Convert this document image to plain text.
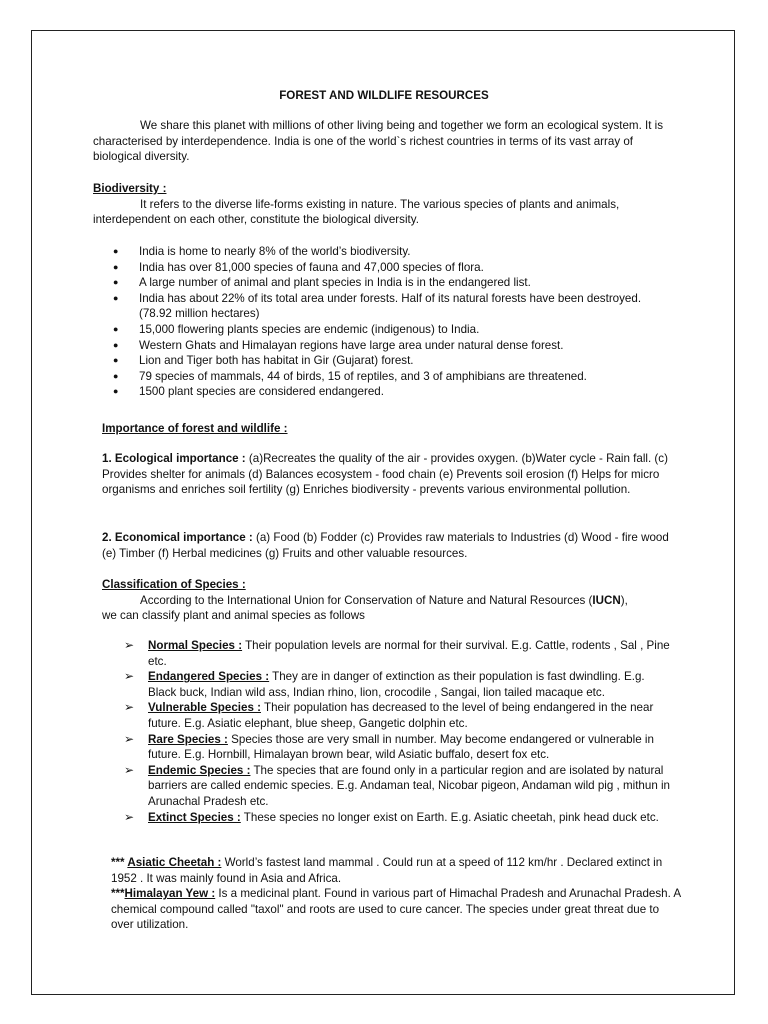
FOREST AND WILDLIFE RESOURCES
We share this planet with millions of other living being and together we form an ecological system. It is characterised by interdependence. India is one of the world`s richest countries in terms of its vast array of biological diversity.
Biodiversity :
It refers to the diverse life-forms existing in nature. The various species of plants and animals, interdependent on each other, constitute the biological diversity.
● India is home to nearly 8% of the world’s biodiversity.
● India has over 81,000 species of fauna and 47,000 species of flora.
● A large number of animal and plant species in India is in the endangered list.
● India has about 22% of its total area under forests. Half of its natural forests have been destroyed. (78.92 million hectares)
● 15,000 flowering plants species are endemic (indigenous) to India.
● Western Ghats and Himalayan regions have large area under natural dense forest.
● Lion and Tiger both has habitat in Gir (Gujarat) forest.
● 79 species of mammals, 44 of birds, 15 of reptiles, and 3 of amphibians are threatened.
● 1500 plant species are considered endangered.
Importance of forest and wildlife :
1. Ecological importance : (a)Recreates the quality of the air - provides oxygen. (b)Water cycle - Rain fall. (c) Provides shelter for animals (d) Balances ecosystem - food chain (e) Prevents soil erosion (f) Helps for micro organisms and enriches soil fertility (g) Enriches biodiversity - prevents various environmental pollution.
2. Economical importance : (a) Food (b) Fodder (c) Provides raw materials to Industries (d) Wood - fire wood (e) Timber (f) Herbal medicines (g) Fruits and other valuable resources.
Classification of Species :
According to the International Union for Conservation of Nature and Natural Resources (IUCN),
we can classify plant and animal species as follows
➢ Normal Species : Their population levels are normal for their survival. E.g. Cattle, rodents , Sal , Pine etc.
➢ Endangered Species : They are in danger of extinction as their population is fast dwindling. E.g. Black buck, Indian wild ass, Indian rhino, lion, crocodile , Sangai, lion tailed macaque etc.
➢ Vulnerable Species : Their population has decreased to the level of being endangered in the near future. E.g. Asiatic elephant, blue sheep, Gangetic dolphin etc.
➢ Rare Species : Species those are very small in number. May become endangered or vulnerable in future. E.g. Hornbill, Himalayan brown bear, wild Asiatic buffalo, desert fox etc.
➢ Endemic Species : The species that are found only in a particular region and are isolated by natural barriers are called endemic species. E.g. Andaman teal, Nicobar pigeon, Andaman wild pig , mithun in Arunachal Pradesh etc.
➢ Extinct Species : These species no longer exist on Earth. E.g. Asiatic cheetah, pink head duck etc.
*** Asiatic Cheetah : World’s fastest land mammal . Could run at a speed of 112 km/hr . Declared extinct in 1952 . It was mainly found in Asia and Africa.
***Himalayan Yew : Is a medicinal plant. Found in various part of Himachal Pradesh and Arunachal Pradesh. A chemical compound called "taxol" and roots are used to cure cancer. The species under great threat due to over utilization.
